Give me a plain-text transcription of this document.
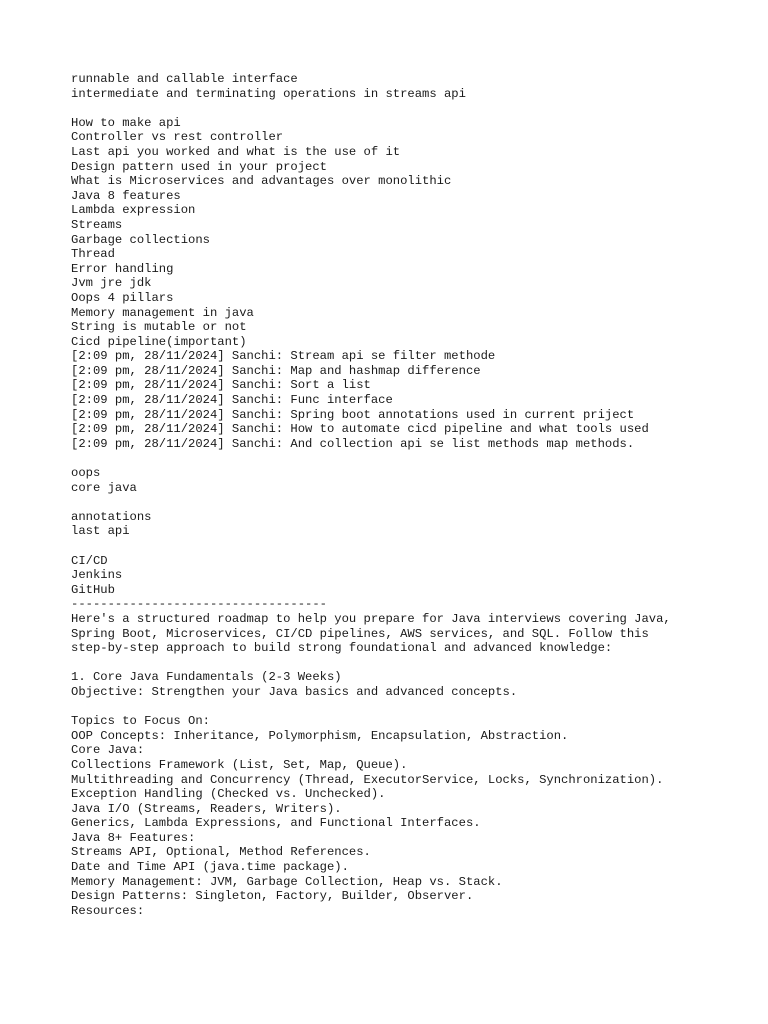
runnable and callable interface
intermediate and terminating operations in streams api
How to make api
Controller vs rest controller
Last api you worked and what is the use of it
Design pattern used in your project
What is Microservices and advantages over monolithic
Java 8 features
Lambda expression
Streams
Garbage collections
Thread
Error handling
Jvm jre jdk
Oops 4 pillars
Memory management in java
String is mutable or not
Cicd pipeline(important)
[2:09 pm, 28/11/2024] Sanchi: Stream api se filter methode
[2:09 pm, 28/11/2024] Sanchi: Map and hashmap difference
[2:09 pm, 28/11/2024] Sanchi: Sort a list
[2:09 pm, 28/11/2024] Sanchi: Func interface
[2:09 pm, 28/11/2024] Sanchi: Spring boot annotations used in current priject
[2:09 pm, 28/11/2024] Sanchi: How to automate cicd pipeline and what tools used
[2:09 pm, 28/11/2024] Sanchi: And collection api se list methods map methods.
oops
core java
annotations
last api
CI/CD
Jenkins
GitHub
-----------------------------------
Here's a structured roadmap to help you prepare for Java interviews covering Java,
Spring Boot, Microservices, CI/CD pipelines, AWS services, and SQL. Follow this
step-by-step approach to build strong foundational and advanced knowledge:
1. Core Java Fundamentals (2-3 Weeks)
Objective: Strengthen your Java basics and advanced concepts.
Topics to Focus On:
OOP Concepts: Inheritance, Polymorphism, Encapsulation, Abstraction.
Core Java:
Collections Framework (List, Set, Map, Queue).
Multithreading and Concurrency (Thread, ExecutorService, Locks, Synchronization).
Exception Handling (Checked vs. Unchecked).
Java I/O (Streams, Readers, Writers).
Generics, Lambda Expressions, and Functional Interfaces.
Java 8+ Features:
Streams API, Optional, Method References.
Date and Time API (java.time package).
Memory Management: JVM, Garbage Collection, Heap vs. Stack.
Design Patterns: Singleton, Factory, Builder, Observer.
Resources:
